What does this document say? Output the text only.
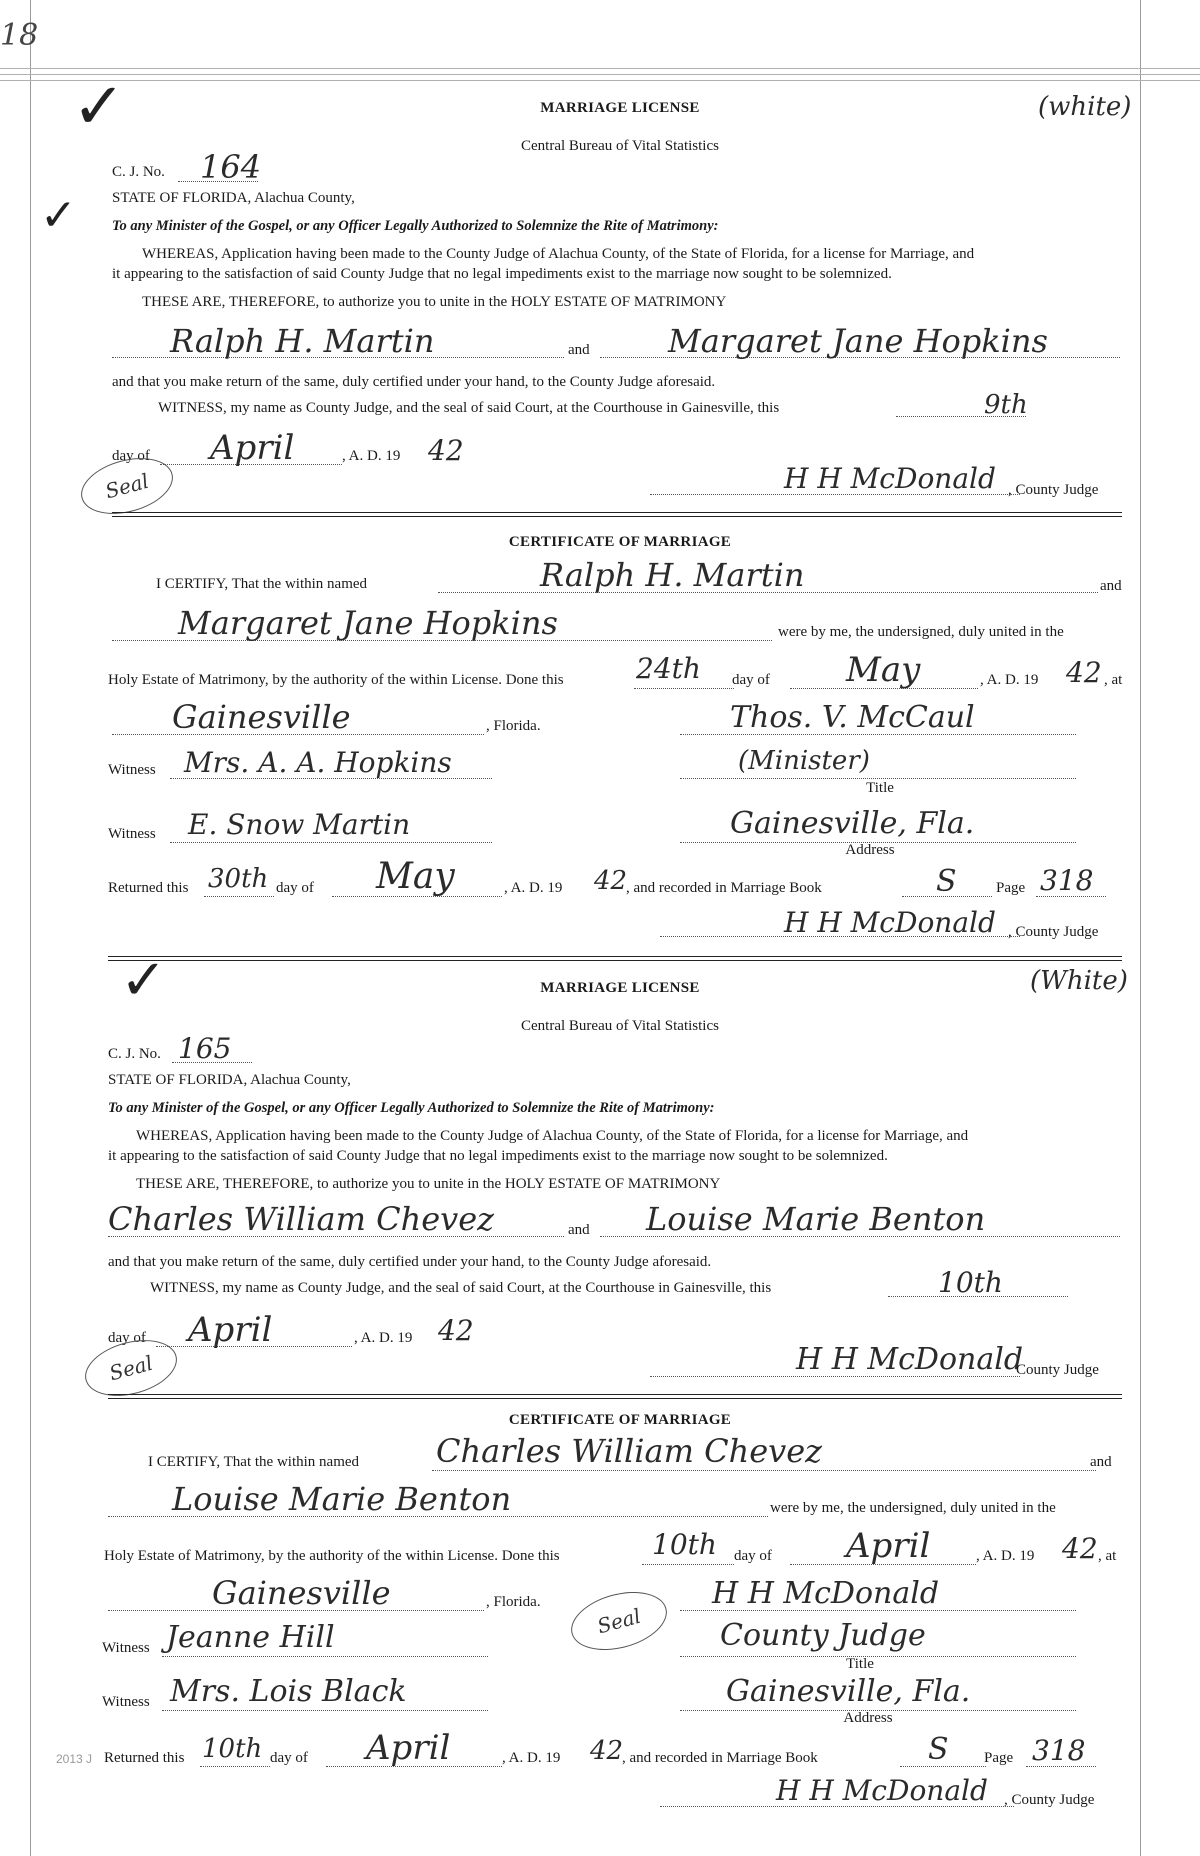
18
✓	MARRIAGE LICENSE	(white)
Central Bureau of Vital Statistics
C. J. No. 164
STATE OF FLORIDA, Alachua County,
✓ To any Minister of the Gospel, or any Officer Legally Authorized to Solemnize the Rite of Matrimony:
WHEREAS, Application having been made to the County Judge of Alachua County, of the State of Florida, for a license for Marriage, and
it appearing to the satisfaction of said County Judge that no legal impediments exist to the marriage now sought to be solemnized.
THESE ARE, THEREFORE, to authorize you to unite in the HOLY ESTATE OF MATRIMONY
Ralph H. Martin	and Margaret Jane Hopkins
and that you make return of the same, duly certified under your hand, to the County Judge aforesaid.
WITNESS, my name as County Judge, and the seal of said Court, at the Courthouse in Gainesville, this	9th
day of April	, A. D. 19 42
Seal	H H McDonald , County Judge
CERTIFICATE OF MARRIAGE
I CERTIFY, That the within named	Ralph H. Martin	and
Margaret Jane Hopkins	were by me, the undersigned, duly united in the
Holy Estate of Matrimony, by the authority of the within License. Done this	24th day of May	, A. D. 19 42 , at
Gainesville	, Florida.	Thos. V. McCaul
Witness Mrs. A. A. Hopkins	(Minister)
Title
Witness E. Snow Martin	Gainesville, Fla.
Address
Returned this 30th day of May	, A. D. 19 42
, and recorded in Marriage Book	S	Page 318
H H McDonald , County Judge
✓	MARRIAGE LICENSE	(White)
Central Bureau of Vital Statistics
C. J. No. 165
STATE OF FLORIDA, Alachua County,
To any Minister of the Gospel, or any Officer Legally Authorized to Solemnize the Rite of Matrimony:
WHEREAS, Application having been made to the County Judge of Alachua County, of the State of Florida, for a license for Marriage, and
it appearing to the satisfaction of said County Judge that no legal impediments exist to the marriage now sought to be solemnized.
THESE ARE, THEREFORE, to authorize you to unite in the HOLY ESTATE OF MATRIMONY
Charles William Chevez	and Louise Marie Benton
and that you make return of the same, duly certified under your hand, to the County Judge aforesaid.
WITNESS, my name as County Judge, and the seal of said Court, at the Courthouse in Gainesville, this	10th
day of April	, A. D. 19 42
Seal	H H McDonald
County Judge
CERTIFICATE OF MARRIAGE
I CERTIFY, That the within named Charles William Chevez	and
Louise Marie Benton	were by me, the undersigned, duly united in the
Holy Estate of Matrimony, by the authority of the within License. Done this	10th day of April	, A. D. 19 42 , at
Gainesville	, Florida.
Seal
H H McDonald
Witness Jeanne Hill	County Judge
Title
Witness Mrs. Lois Black	Gainesville, Fla.
Address
2013 J Returned this 10th day of April	, A. D. 19 42
, and recorded in Marriage Book	S Page 318
H H McDonald , County Judge
